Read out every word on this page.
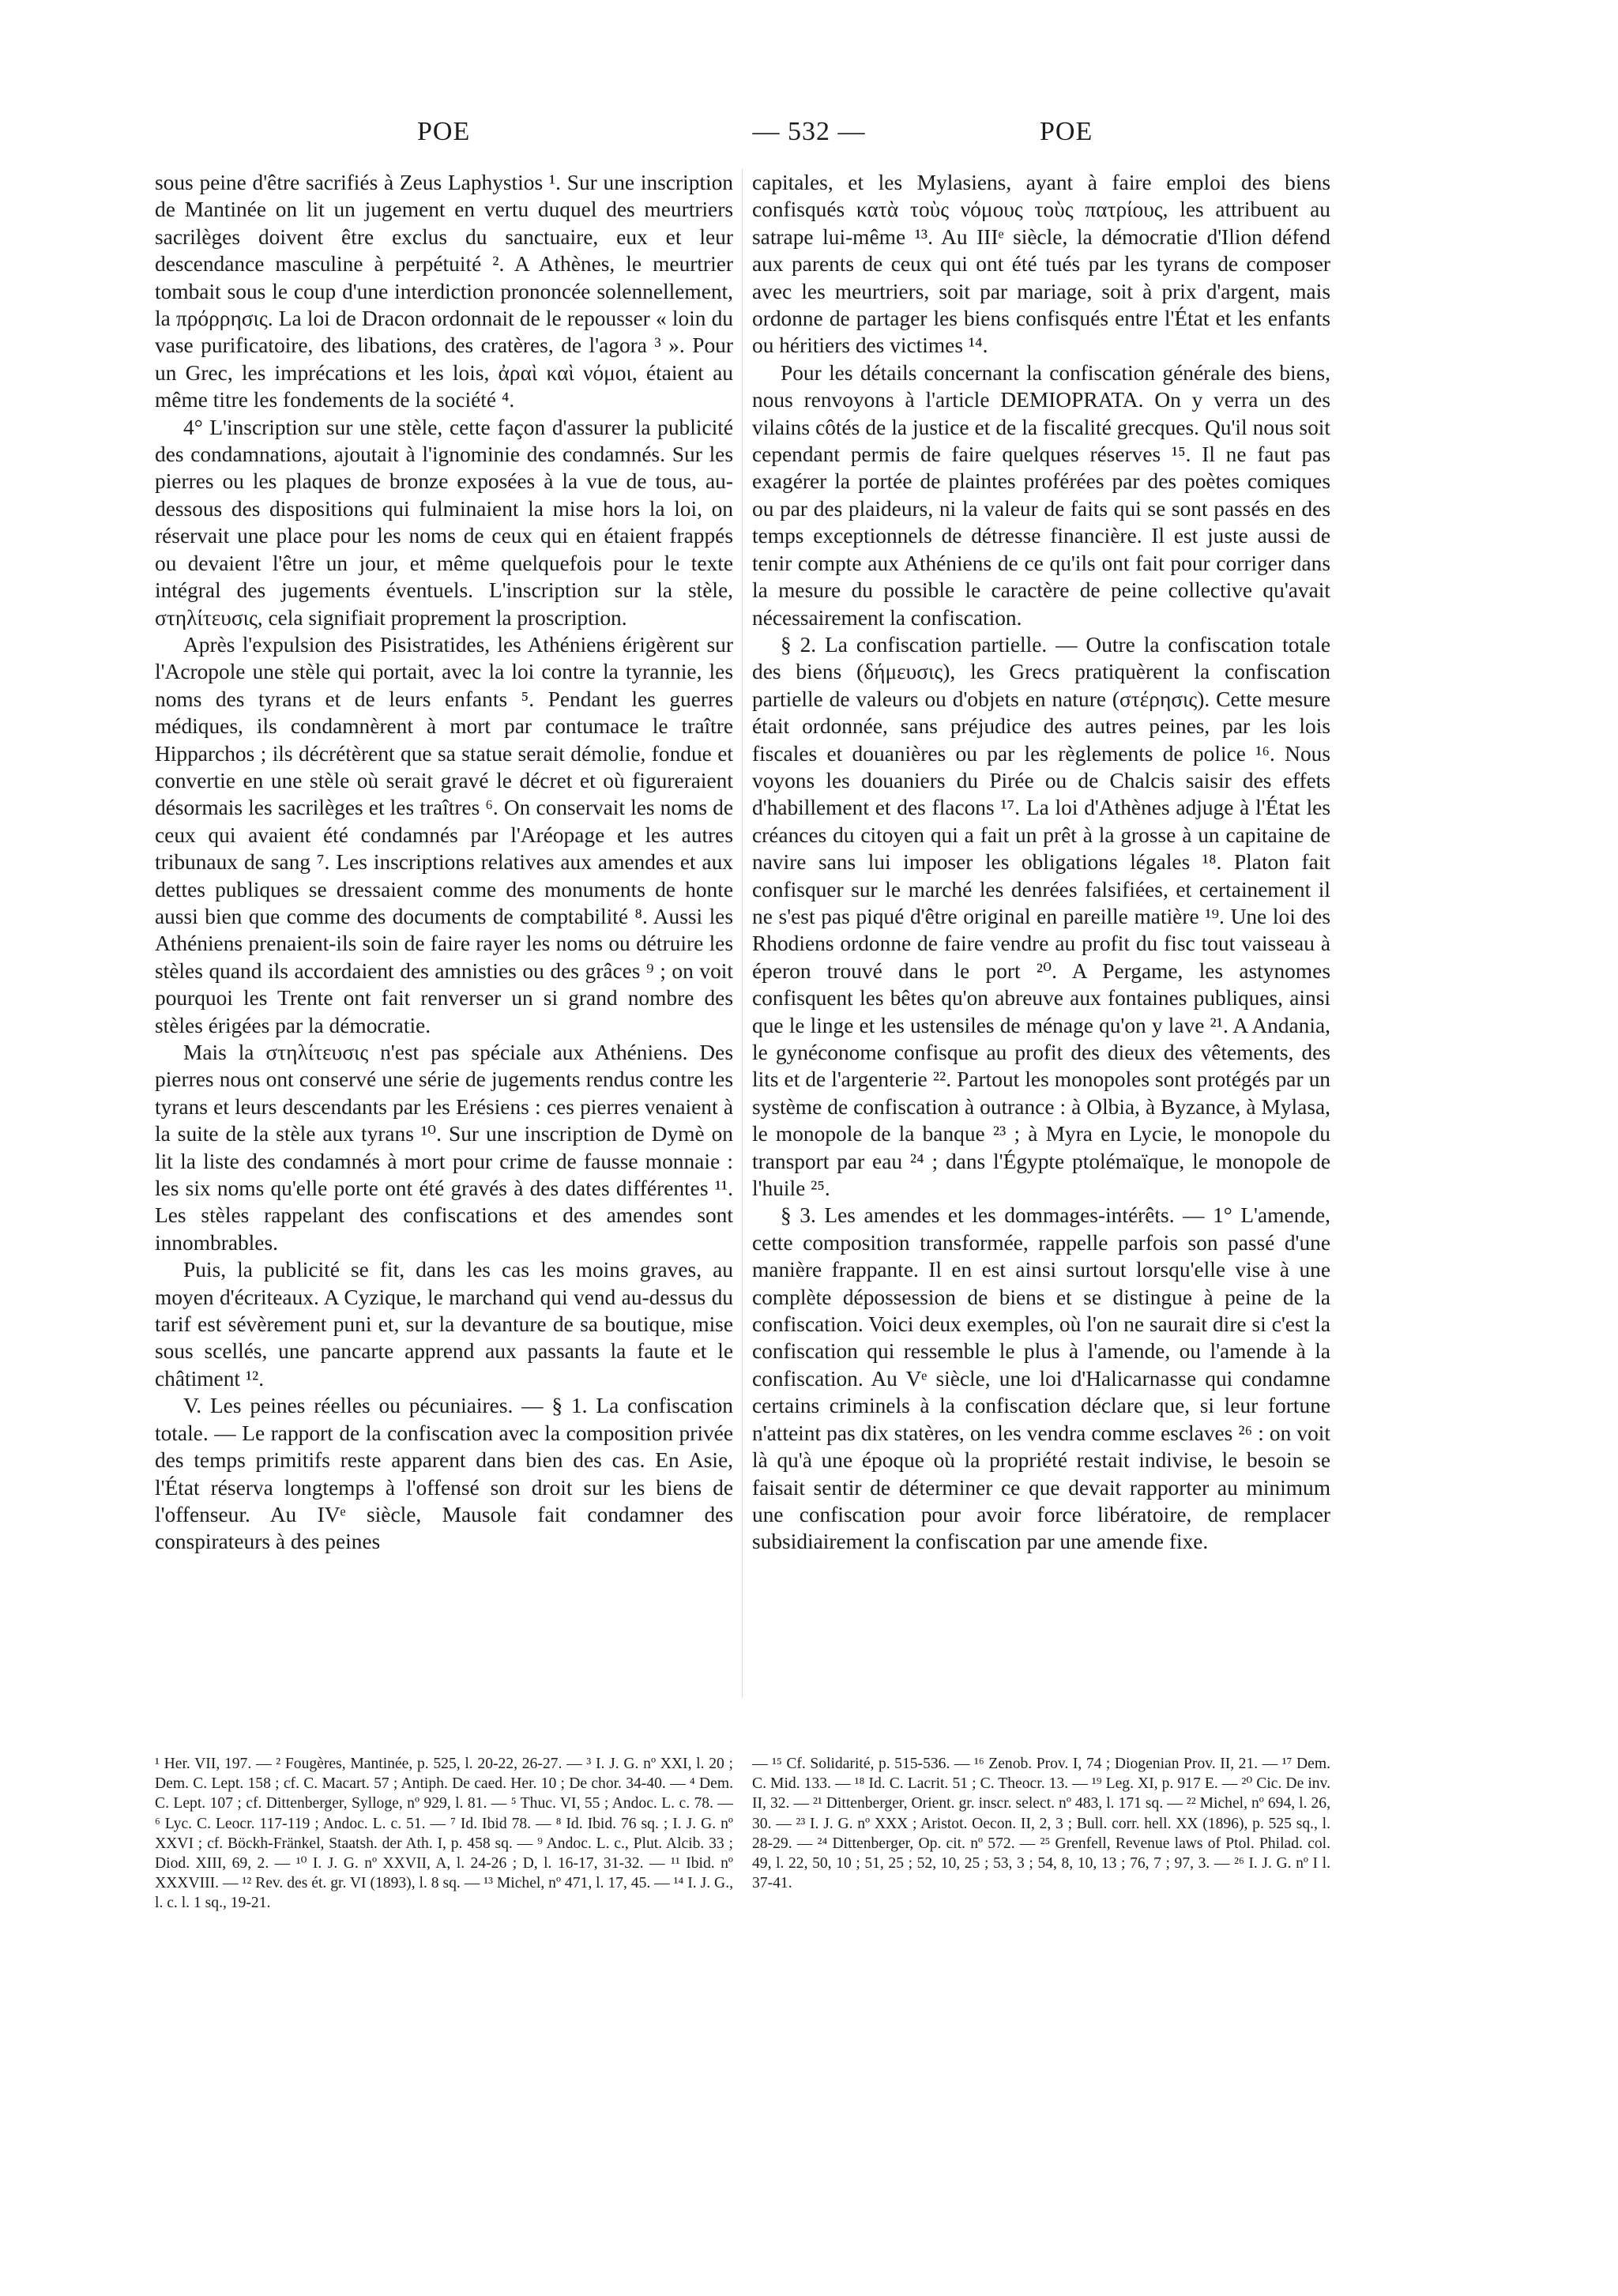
POE	— 532 —	POE

sous peine d'être sacrifiés à Zeus Laphystios ¹. Sur une inscription de Mantinée on lit un jugement en vertu duquel des meurtriers sacrilèges doivent être exclus du sanctuaire, eux et leur descendance masculine à perpétuité ². A Athènes, le meurtrier tombait sous le coup d'une interdiction prononcée solennellement, la πρόρρησις. La loi de Dracon ordonnait de le repousser « loin du vase purificatoire, des libations, des cratères, de l'agora ³ ». Pour un Grec, les imprécations et les lois, ἀραὶ καὶ νόμοι, étaient au même titre les fondements de la société ⁴.

4° L'inscription sur une stèle, cette façon d'assurer la publicité des condamnations, ajoutait à l'ignominie des condamnés. Sur les pierres ou les plaques de bronze exposées à la vue de tous, au-dessous des dispositions qui fulminaient la mise hors la loi, on réservait une place pour les noms de ceux qui en étaient frappés ou devaient l'être un jour, et même quelquefois pour le texte intégral des jugements éventuels. L'inscription sur la stèle, στηλίτευσις, cela signifiait proprement la proscription.

Après l'expulsion des Pisistratides, les Athéniens érigèrent sur l'Acropole une stèle qui portait, avec la loi contre la tyrannie, les noms des tyrans et de leurs enfants ⁵. Pendant les guerres médiques, ils condamnèrent à mort par contumace le traître Hipparchos ; ils décrétèrent que sa statue serait démolie, fondue et convertie en une stèle où serait gravé le décret et où figureraient désormais les sacrilèges et les traîtres ⁶. On conservait les noms de ceux qui avaient été condamnés par l'Aréopage et les autres tribunaux de sang ⁷. Les inscriptions relatives aux amendes et aux dettes publiques se dressaient comme des monuments de honte aussi bien que comme des documents de comptabilité ⁸. Aussi les Athéniens prenaient-ils soin de faire rayer les noms ou détruire les stèles quand ils accordaient des amnisties ou des grâces ⁹ ; on voit pourquoi les Trente ont fait renverser un si grand nombre des stèles érigées par la démocratie.

Mais la στηλίτευσις n'est pas spéciale aux Athéniens. Des pierres nous ont conservé une série de jugements rendus contre les tyrans et leurs descendants par les Erésiens : ces pierres venaient à la suite de la stèle aux tyrans ¹⁰. Sur une inscription de Dymè on lit la liste des condamnés à mort pour crime de fausse monnaie : les six noms qu'elle porte ont été gravés à des dates différentes ¹¹. Les stèles rappelant des confiscations et des amendes sont innombrables.

Puis, la publicité se fit, dans les cas les moins graves, au moyen d'écriteaux. A Cyzique, le marchand qui vend au-dessus du tarif est sévèrement puni et, sur la devanture de sa boutique, mise sous scellés, une pancarte apprend aux passants la faute et le châtiment ¹².

V. Les peines réelles ou pécuniaires. — § 1. La confiscation totale. — Le rapport de la confiscation avec la composition privée des temps primitifs reste apparent dans bien des cas. En Asie, l'État réserva longtemps à l'offensé son droit sur les biens de l'offenseur. Au IVᵉ siècle, Mausole fait condamner des conspirateurs à des peines

capitales, et les Mylasiens, ayant à faire emploi des biens confisqués κατὰ τοὺς νόμους τοὺς πατρίους, les attribuent au satrape lui-même ¹³. Au IIIᵉ siècle, la démocratie d'Ilion défend aux parents de ceux qui ont été tués par les tyrans de composer avec les meurtriers, soit par mariage, soit à prix d'argent, mais ordonne de partager les biens confisqués entre l'État et les enfants ou héritiers des victimes ¹⁴.

Pour les détails concernant la confiscation générale des biens, nous renvoyons à l'article DEMIOPRATA. On y verra un des vilains côtés de la justice et de la fiscalité grecques. Qu'il nous soit cependant permis de faire quelques réserves ¹⁵. Il ne faut pas exagérer la portée de plaintes proférées par des poètes comiques ou par des plaideurs, ni la valeur de faits qui se sont passés en des temps exceptionnels de détresse financière. Il est juste aussi de tenir compte aux Athéniens de ce qu'ils ont fait pour corriger dans la mesure du possible le caractère de peine collective qu'avait nécessairement la confiscation.

§ 2. La confiscation partielle. — Outre la confiscation totale des biens (δήμευσις), les Grecs pratiquèrent la confiscation partielle de valeurs ou d'objets en nature (στέρησις). Cette mesure était ordonnée, sans préjudice des autres peines, par les lois fiscales et douanières ou par les règlements de police ¹⁶. Nous voyons les douaniers du Pirée ou de Chalcis saisir des effets d'habillement et des flacons ¹⁷. La loi d'Athènes adjuge à l'État les créances du citoyen qui a fait un prêt à la grosse à un capitaine de navire sans lui imposer les obligations légales ¹⁸. Platon fait confisquer sur le marché les denrées falsifiées, et certainement il ne s'est pas piqué d'être original en pareille matière ¹⁹. Une loi des Rhodiens ordonne de faire vendre au profit du fisc tout vaisseau à éperon trouvé dans le port ²⁰. A Pergame, les astynomes confisquent les bêtes qu'on abreuve aux fontaines publiques, ainsi que le linge et les ustensiles de ménage qu'on y lave ²¹. A Andania, le gynéconome confisque au profit des dieux des vêtements, des lits et de l'argenterie ²². Partout les monopoles sont protégés par un système de confiscation à outrance : à Olbia, à Byzance, à Mylasa, le monopole de la banque ²³ ; à Myra en Lycie, le monopole du transport par eau ²⁴ ; dans l'Égypte ptolémaïque, le monopole de l'huile ²⁵.

§ 3. Les amendes et les dommages-intérêts. — 1° L'amende, cette composition transformée, rappelle parfois son passé d'une manière frappante. Il en est ainsi surtout lorsqu'elle vise à une complète dépossession de biens et se distingue à peine de la confiscation. Voici deux exemples, où l'on ne saurait dire si c'est la confiscation qui ressemble le plus à l'amende, ou l'amende à la confiscation. Au Vᵉ siècle, une loi d'Halicarnasse qui condamne certains criminels à la confiscation déclare que, si leur fortune n'atteint pas dix statères, on les vendra comme esclaves ²⁶ : on voit là qu'à une époque où la propriété restait indivise, le besoin se faisait sentir de déterminer ce que devait rapporter au minimum une confiscation pour avoir force libératoire, de remplacer subsidiairement la confiscation par une amende fixe.

¹ Her. VII, 197. — ² Fougères, Mantinée, p. 525, l. 20-22, 26-27. — ³ I. J. G. nº XXI, l. 20 ; Dem. C. Lept. 158 ; cf. C. Macart. 57 ; Antiph. De caed. Her. 10 ; De chor. 34-40. — ⁴ Dem. C. Lept. 107 ; cf. Dittenberger, Sylloge, nº 929, l. 81. — ⁵ Thuc. VI, 55 ; Andoc. L. c. 78. — ⁶ Lyc. C. Leocr. 117-119 ; Andoc. L. c. 51. — ⁷ Id. Ibid 78. — ⁸ Id. Ibid. 76 sq. ; I. J. G. nº XXVI ; cf. Böckh-Fränkel, Staatsh. der Ath. I, p. 458 sq. — ⁹ Andoc. L. c., Plut. Alcib. 33 ; Diod. XIII, 69, 2. — ¹⁰ I. J. G. nº XXVII, A, l. 24-26 ; D, l. 16-17, 31-32. — ¹¹ Ibid. nº XXXVIII. — ¹² Rev. des ét. gr. VI (1893), l. 8 sq. — ¹³ Michel, nº 471, l. 17, 45. — ¹⁴ I. J. G., l. c. l. 1 sq., 19-21.

— ¹⁵ Cf. Solidarité, p. 515-536. — ¹⁶ Zenob. Prov. I, 74 ; Diogenian Prov. II, 21. — ¹⁷ Dem. C. Mid. 133. — ¹⁸ Id. C. Lacrit. 51 ; C. Theocr. 13. — ¹⁹ Leg. XI, p. 917 E. — ²⁰ Cic. De inv. II, 32. — ²¹ Dittenberger, Orient. gr. inscr. select. nº 483, l. 171 sq. — ²² Michel, nº 694, l. 26, 30. — ²³ I. J. G. nº XXX ; Aristot. Oecon. II, 2, 3 ; Bull. corr. hell. XX (1896), p. 525 sq., l. 28-29. — ²⁴ Dittenberger, Op. cit. nº 572. — ²⁵ Grenfell, Revenue laws of Ptol. Philad. col. 49, l. 22, 50, 10 ; 51, 25 ; 52, 10, 25 ; 53, 3 ; 54, 8, 10, 13 ; 76, 7 ; 97, 3. — ²⁶ I. J. G. nº I l. 37-41.
